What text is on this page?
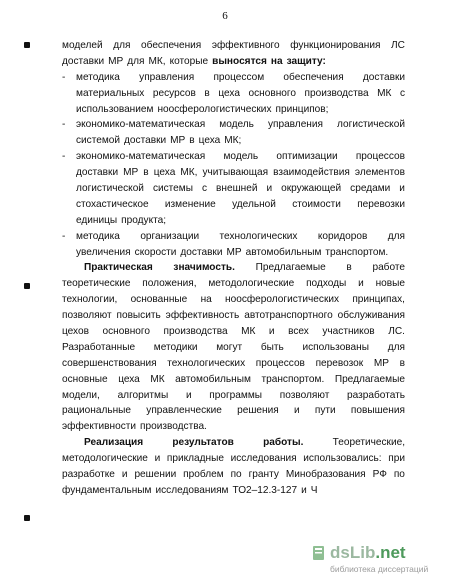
6
моделей для обеспечения эффективного функционирования ЛС
доставки МР для МК, которые выносятся на защиту:
-	методика управления процессом обеспечения доставки
материальных ресурсов в цеха основного производства МК с
использованием ноосферологистических принципов;
-	экономико-математическая модель управления логистической
системой доставки МР в цеха МК;
-	экономико-математическая модель оптимизации процессов
доставки МР в цеха МК, учитывающая взаимодействия элементов
логистической системы с внешней и окружающей средами и
стохастическое изменение удельной стоимости перевозки
единицы продукта;
-	методика организации технологических коридоров для
увеличения скорости доставки МР автомобильным транспортом.
Практическая значимость. Предлагаемые в работе
теоретические положения, методологические подходы и новые
технологии, основанные на ноосферологистических принципах,
позволяют повысить эффективность автотранспортного обслуживания
цехов основного производства МК и всех участников ЛС.
Разработанные методики могут быть использованы для
совершенствования технологических процессов перевозок МР в
основные цеха МК автомобильным транспортом. Предлагаемые
модели, алгоритмы и программы позволяют разработать
рациональные управленческие решения и пути повышения
эффективности производства.
Реализация	результатов	работы.	Теоретические,
методологические и прикладные исследования использовались: при
разработке и решении проблем по гранту Минобразования РФ по
фундаментальным исследованиям ТО2–12.3-127 и Ч
dsLib.net
библиотека диссертаций
